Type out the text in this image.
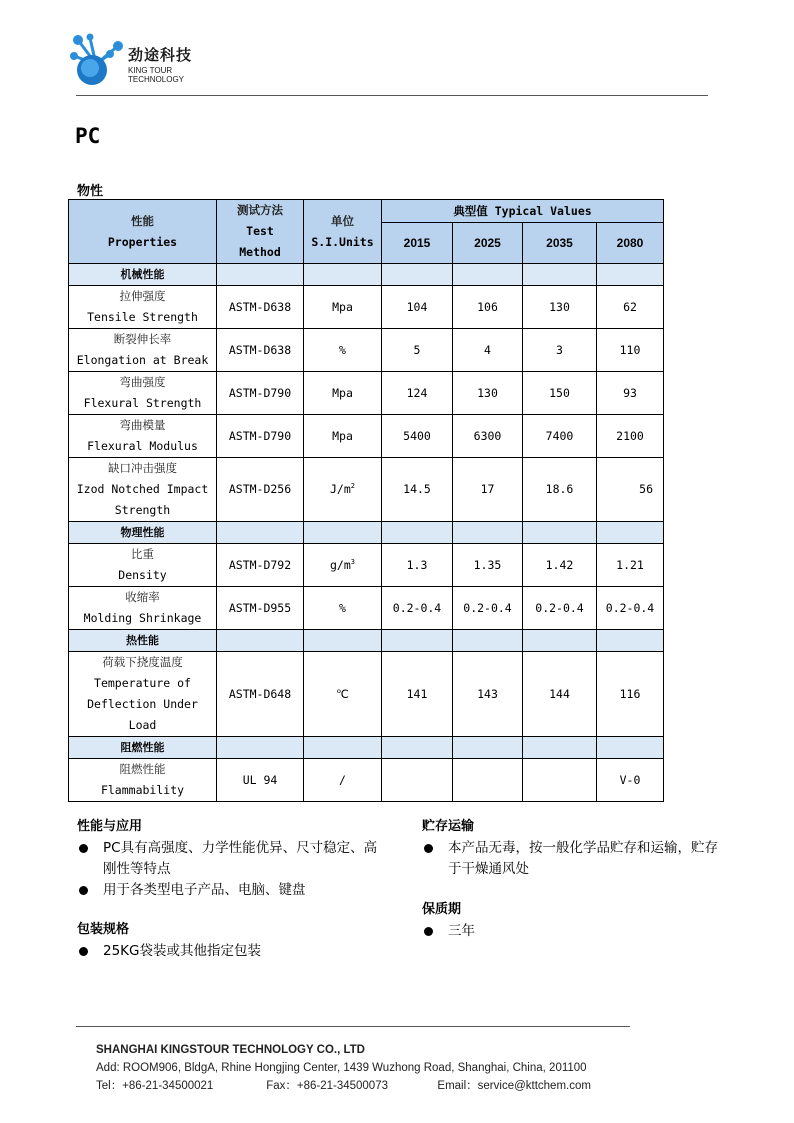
劲途科技
KING TOUR
TECHNOLOGY
PC
物性
性能
Properties	测试方法
Test
Method	单位
S.I.Units	典型值 Typical Values			
			2015	2025	2035	2080
机械性能						

拉伸强度
Tensile Strength	ASTM-D638	Mpa	104	106	130	62

断裂伸长率
Elongation at Break	ASTM-D638	%	5	4	3	110

弯曲强度
Flexural Strength	ASTM-D790	Mpa	124	130	150	93

弯曲模量
Flexural Modulus	ASTM-D790	Mpa	5400	6300	7400	2100

缺口冲击强度
Izod Notched Impact
Strength	ASTM-D256	$J/m^2$	14.5	17	18.6	56
物理性能						

比重
Density	ASTM-D792	$g/m^3$	1.3	1.35	1.42	1.21

收缩率
Molding Shrinkage	ASTM-D955	%	0.2-0.4	0.2-0.4	0.2-0.4	0.2-0.4
热性能						

荷载下挠度温度
Temperature of
Deflection Under
Load	ASTM-D648	℃	141	143	144	116
阻燃性能						

阻燃性能
Flammability	UL 94	/				V-0
性能与应用
PC具有高强度、力学性能优异、尺寸稳定、高刚性等特点
用于各类型电子产品、电脑、键盘
包装规格
25KG袋装或其他指定包装
贮存运输
本产品无毒，按一般化学品贮存和运输，贮存于干燥通风处
保质期
三年
SHANGHAI KINGSTOUR TECHNOLOGY CO., LTD
Add: ROOM906, BldgA, Rhine Hongjing Center, 1439 Wuzhong Road, Shanghai, China, 201100
Tel：+86-21-34500021	Fax：+86-21-34500073	Email：service@kttchem.com
